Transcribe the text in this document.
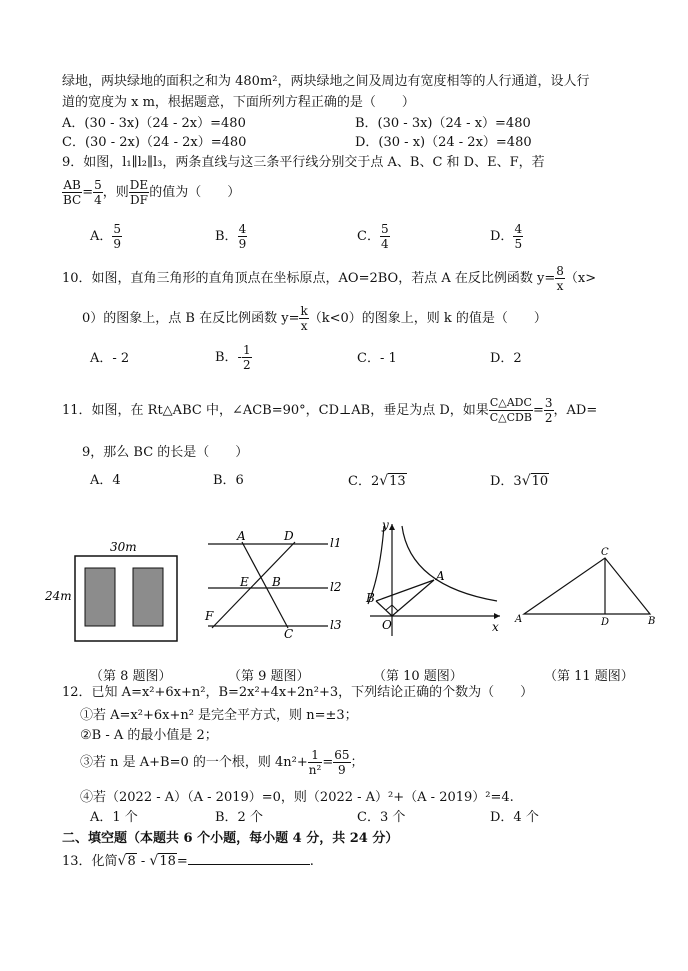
绿地，两块绿地的面积之和为 480m²，两块绿地之间及周边有宽度相等的人行通道，设人行
道的宽度为 x m，根据题意，下面所列方程正确的是（　　）
A．(30 - 3x)（24 - 2x）=480	B．(30 - 3x)（24 - x）=480
C．(30 - 2x)（24 - 2x）=480	D．(30 - x)（24 - 2x）=480
9．如图，l₁∥l₂∥l₃，两条直线与这三条平行线分别交于点 A、B、C 和 D、E、F，若
$\frac{AB}{BC} = \frac{5}{4}$ ，则 $\frac{DE}{DF}$ 的值为（　　）
A． $\frac{5}{9}$	B． $\frac{4}{9}$	C． $\frac{5}{4}$	D． $\frac{4}{5}$
10．如图，直角三角形的直角顶点在坐标原点，AO=2BO，若点 A 在反比例函数 $y= \frac{8}{x} (x>$
0）的图象上，点 B 在反比例函数 $y= \frac{k}{x} (k<0)$的图象上，则 k 的值是（　　）
A．- 2	B．- $\frac{1}{2}$	C．- 1	D．2
11．如图，在 Rt△ABC 中，∠ACB=90°，CD⊥AB，垂足为点 D，如果 $\frac{\text{C△ADC}}{\text{C△CDB}} = \frac{3}{2}$ ，AD=
9，那么 BC 的长是（　　）
A．4	B．6	C．2√13	D．3√10
30m
24m
A	D
E B
F
C
l1
l2
l3
y
x
O
A
B
C
A	D	B
（第 8 题图）	（第 9 题图）	（第 10 题图）	（第 11 题图）
12．已知 A=x²+6x+n²，B=2x²+4x+2n²+3，下列结论正确的个数为（　　）
①若 A=x²+6x+n² 是完全平方式，则 n=±3；
②B - A 的最小值是 2；
③若 n 是 A+B=0 的一个根，则 $4n^2+ \frac{1}{\text{n²}} = \frac{65}{9}$ ；
④若（2022 - A）（A - 2019）=0，则（2022 - A）²+（A - 2019）²=4.
A．1 个	B．2 个	C．3 个	D．4 个
二、填空题（本题共 6 个小题，每小题 4 分，共 24 分）
13．化简√8 - √18=	.
